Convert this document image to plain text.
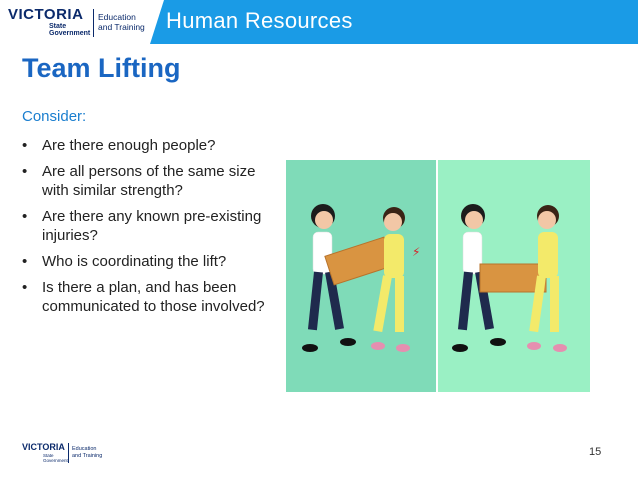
VICTORIA
State
Government
Education
and Training Human Resources
Team Lifting
Consider:
• Are there enough people?
• Are all persons of the same size with similar strength?
• Are there any known pre-existing injuries?
• Who is coordinating the lift?
• Is there a plan, and has been communicated to those involved?
⚡
VICTORIA
State
Government
Education
and Training	15
